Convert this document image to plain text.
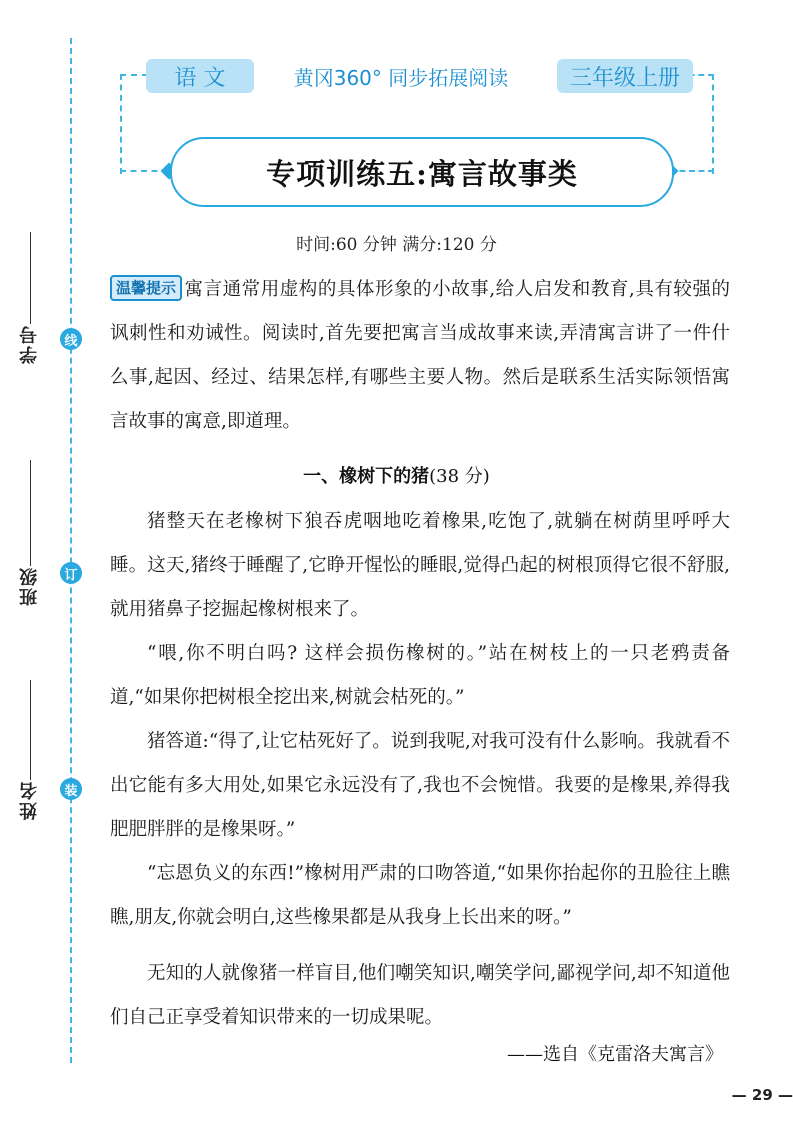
学号	线
班级	订
姓名	装
语 文	黄冈360° 同步拓展阅读	三年级上册
专项训练五:寓言故事类
时间:60 分钟 满分:120 分
温馨提示 寓言通常用虚构的具体形象的小故事,给人启发和教育,具有较强的讽刺性和劝诫性。阅读时,首先要把寓言当成故事来读,弄清寓言讲了一件什么事,起因、经过、结果怎样,有哪些主要人物。然后是联系生活实际领悟寓言故事的寓意,即道理。
一、橡树下的猪(38 分)
猪整天在老橡树下狼吞虎咽地吃着橡果,吃饱了,就躺在树荫里呼呼大睡。这天,猪终于睡醒了,它睁开惺忪的睡眼,觉得凸起的树根顶得它很不舒服,就用猪鼻子挖掘起橡树根来了。
“喂,你不明白吗? 这样会损伤橡树的。”站在树枝上的一只老鸦责备道,“如果你把树根全挖出来,树就会枯死的。”
猪答道:“得了,让它枯死好了。说到我呢,对我可没有什么影响。我就看不出它能有多大用处,如果它永远没有了,我也不会惋惜。我要的是橡果,养得我肥肥胖胖的是橡果呀。”
“忘恩负义的东西!”橡树用严肃的口吻答道,“如果你抬起你的丑脸往上瞧瞧,朋友,你就会明白,这些橡果都是从我身上长出来的呀。”
无知的人就像猪一样盲目,他们嘲笑知识,嘲笑学问,鄙视学问,却不知道他们自己正享受着知识带来的一切成果呢。
——选自《克雷洛夫寓言》
— 29 —
